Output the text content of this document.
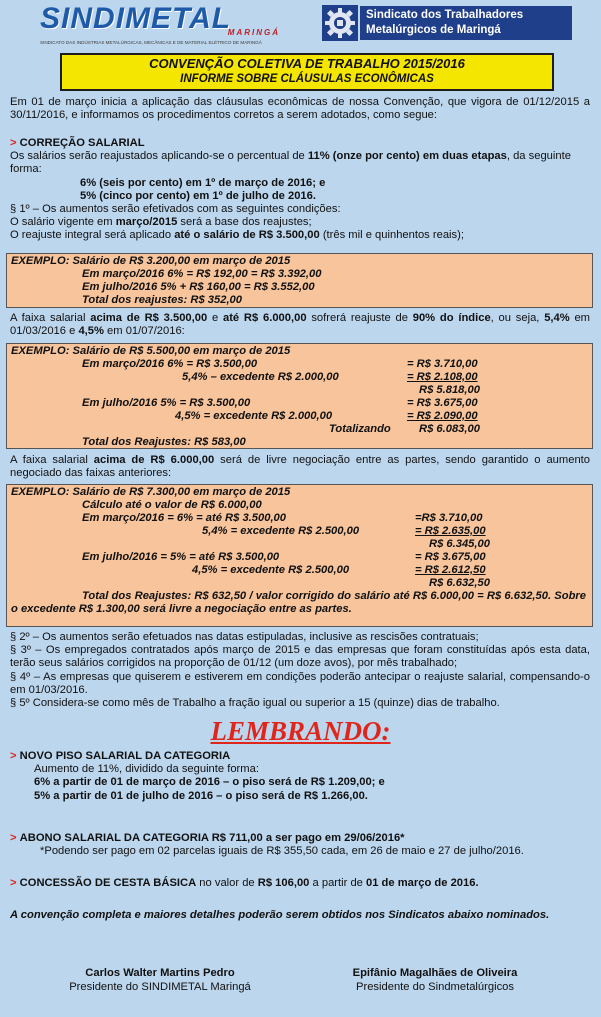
SINDIMETAL
MARINGÁ
SINDICATO DAS INDÚSTRIAS METALÚRGICAS, MECÂNICAS E DE MATERIAL ELÉTRICO DE MARINGÁ
Sindicato dos Trabalhadores
Metalúrgicos de Maringá
CONVENÇÃO COLETIVA DE TRABALHO 2015/2016
INFORME SOBRE CLÁUSULAS ECONÔMICAS
Em 01 de março inicia a aplicação das cláusulas econômicas de nossa Convenção, que vigora de 01/12/2015 a 30/11/2016, e informamos os procedimentos corretos a serem adotados, como segue:
> CORREÇÃO SALARIAL
Os salários serão reajustados aplicando-se o percentual de 11% (onze por cento) em duas etapas, da seguinte forma:
6% (seis por cento) em 1º de março de 2016; e
5% (cinco por cento) em 1º de julho de 2016.
§ 1º – Os aumentos serão efetivados com as seguintes condições:
O salário vigente em março/2015 será a base dos reajustes;
O reajuste integral será aplicado até o salário de R$ 3.500,00 (três mil e quinhentos reais);
EXEMPLO: Salário de R$ 3.200,00 em março de 2015
Em março/2016 6% = R$ 192,00 = R$ 3.392,00
Em julho/2016 5% + R$ 160,00 = R$ 3.552,00
Total dos reajustes: R$ 352,00
A faixa salarial acima de R$ 3.500,00 e até R$ 6.000,00 sofrerá reajuste de 90% do índice, ou seja, 5,4% em 01/03/2016 e 4,5% em 01/07/2016:
EXEMPLO: Salário de R$ 5.500,00 em março de 2015
Em março/2016 6% = R$ 3.500,00	= R$ 3.710,00
5,4% – excedente R$ 2.000,00	= R$ 2.108,00
R$ 5.818,00
Em julho/2016 5% = R$ 3.500,00	= R$ 3.675,00
4,5% = excedente R$ 2.000,00	= R$ 2.090,00
Totalizando	R$ 6.083,00
Total dos Reajustes: R$ 583,00
A faixa salarial acima de R$ 6.000,00 será de livre negociação entre as partes, sendo garantido o aumento negociado das faixas anteriores:
EXEMPLO: Salário de R$ 7.300,00 em março de 2015
Cálculo até o valor de R$ 6.000,00
Em março/2016 = 6% = até R$ 3.500,00	=R$ 3.710,00
5,4% = excedente R$ 2.500,00	= R$ 2.635,00
R$ 6.345,00
Em julho/2016 = 5% = até R$ 3.500,00	= R$ 3.675,00
4,5% = excedente R$ 2.500,00	= R$ 2.612,50
R$ 6.632,50
Total dos Reajustes: R$ 632,50 / valor corrigido do salário até R$ 6.000,00 = R$ 6.632,50. Sobre o excedente R$ 1.300,00 será livre a negociação entre as partes.
§ 2º – Os aumentos serão efetuados nas datas estipuladas, inclusive as rescisões contratuais;
§ 3º – Os empregados contratados após março de 2015 e das empresas que foram constituídas após esta data, terão seus salários corrigidos na proporção de 01/12 (um doze avos), por mês trabalhado;
§ 4º – As empresas que quiserem e estiverem em condições poderão antecipar o reajuste salarial, compensando-o em 01/03/2016.
§ 5º Considera-se como mês de Trabalho a fração igual ou superior a 15 (quinze) dias de trabalho.
LEMBRANDO:
> NOVO PISO SALARIAL DA CATEGORIA
Aumento de 11%, dividido da seguinte forma:
6% a partir de 01 de março de 2016 – o piso será de R$ 1.209,00; e
5% a partir de 01 de julho de 2016 – o piso será de R$ 1.266,00.
> ABONO SALARIAL DA CATEGORIA R$ 711,00 a ser pago em 29/06/2016*
*Podendo ser pago em 02 parcelas iguais de R$ 355,50 cada, em 26 de maio e 27 de julho/2016.
> CONCESSÃO DE CESTA BÁSICA no valor de R$ 106,00 a partir de 01 de março de 2016.
A convenção completa e maiores detalhes poderão serem obtidos nos Sindicatos abaixo nominados.
Carlos Walter Martins Pedro
Presidente do SINDIMETAL Maringá
Epifânio Magalhães de Oliveira
Presidente do Sindmetalúrgicos
